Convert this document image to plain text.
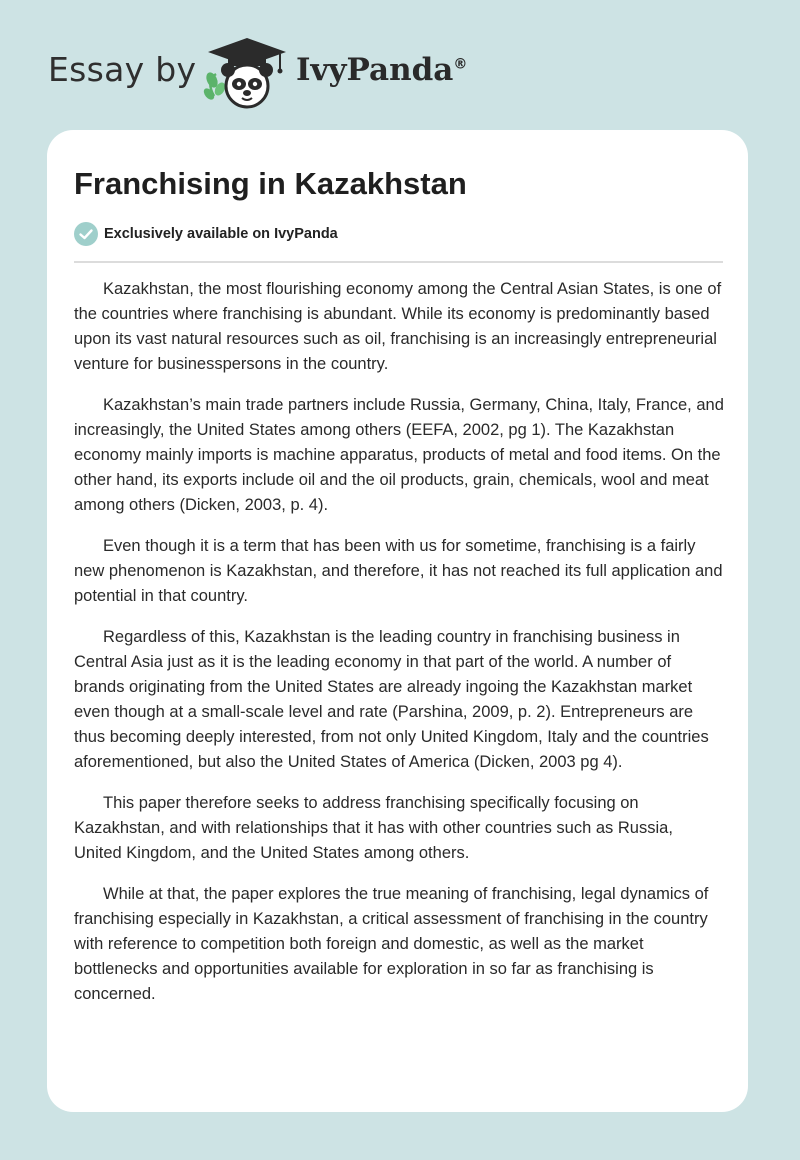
Essay by	IvyPanda®
Franchising in Kazakhstan
Exclusively available on IvyPanda

Kazakhstan, the most flourishing economy among the Central Asian States, is one of the countries where franchising is abundant. While its economy is predominantly based upon its vast natural resources such as oil, franchising is an increasingly entrepreneurial venture for businesspersons in the country.

Kazakhstan’s main trade partners include Russia, Germany, China, Italy, France, and increasingly, the United States among others (EEFA, 2002, pg 1). The Kazakhstan economy mainly imports is machine apparatus, products of metal and food items. On the other hand, its exports include oil and the oil products, grain, chemicals, wool and meat among others (Dicken, 2003, p. 4).

Even though it is a term that has been with us for sometime, franchising is a fairly new phenomenon is Kazakhstan, and therefore, it has not reached its full application and potential in that country.

Regardless of this, Kazakhstan is the leading country in franchising business in Central Asia just as it is the leading economy in that part of the world. A number of brands originating from the United States are already ingoing the Kazakhstan market even though at a small-scale level and rate (Parshina, 2009, p. 2). Entrepreneurs are thus becoming deeply interested, from not only United Kingdom, Italy and the countries aforementioned, but also the United States of America (Dicken, 2003 pg 4).

This paper therefore seeks to address franchising specifically focusing on Kazakhstan, and with relationships that it has with other countries such as Russia, United Kingdom, and the United States among others.

While at that, the paper explores the true meaning of franchising, legal dynamics of franchising especially in Kazakhstan, a critical assessment of franchising in the country with reference to competition both foreign and domestic, as well as the market bottlenecks and opportunities available for exploration in so far as franchising is concerned.
